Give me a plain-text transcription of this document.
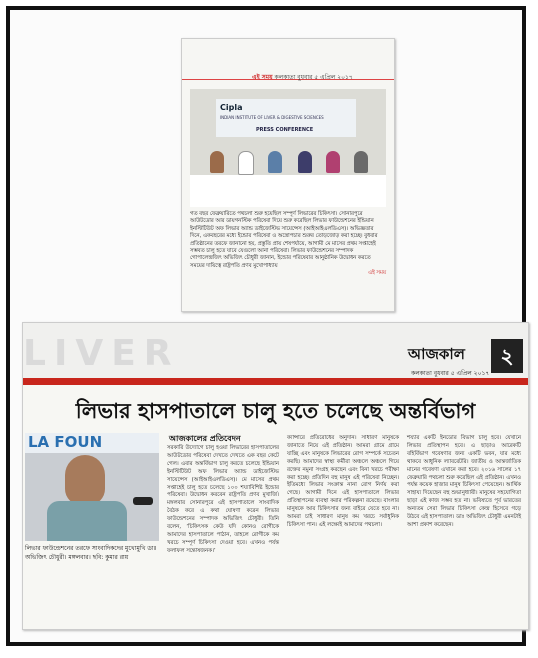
এই সময় কলকাতা বুধবার ৫ এপ্রিল ২০১৭
Cipla
INDIAN INSTITUTE OF LIVER & DIGESTIVE SCIENCES
PRESS CONFERENCE
গত বছর ফেব্রুয়ারিতে পথচলা শুরু হয়েছিল সম্পূর্ণ লিভারের চিকিৎসা। সোনারপুরে আউটডোর আর ডায়গনস্টিক পরিষেবা দিয়ে শুরু করেছিল লিভার ফাউন্ডেশনের ইন্ডিয়ান ইনস্টিটিউট অফ লিভার অ্যান্ড ডাইজেস্টিভ সায়েন্সেস (আইআইএলডিএস)। অভিজ্ঞতার দিনে, একবছরের মধ্যে ইন্ডোর পরিষেবা ও অস্ত্রোপচার শুরুর তোড়জোড় করা হচ্ছে। বুধবার প্রতিষ্ঠানের তরফে জানানো হয়, প্রস্তুতি প্রায় শেষপর্যায়ে, আগামী মে মাসের প্রথম সপ্তাহেই সম্ভবত চালু হতে যাবে যেগুলো আনা পরিষেবা। লিভার ফাউন্ডেশনের সম্পাদক গোপালেন্দ্রজিৎ অভিজিৎ চৌধুরী জানান, ইন্ডোর পরিষেবার আনুষ্ঠানিক উদ্বোধন করতে সময়ের দায়িত্বে রাষ্ট্রপতি প্রণব মুখোপাধ্যায়
এই সময়
LIVER	আজকাল
কলকাতা বুধবার ৫ এপ্রিল ২০১৭
২
লিভার হাসপাতালে চালু হতে চলেছে অন্তর্বিভাগ
LA FOUN
লিভার ফাউন্ডেশনের তরফে সাংবাদিকদের মুখোমুখি ডাঃ অভিজিৎ চৌধুরী। মঙ্গলবার। ছবি: কুমার রায়
আজকালের প্রতিবেদন
সরকারি উদ্যোগে চালু হওয়া লিভারের হাসপাতালের আউটডোর পরিষেবা দেখতে দেখতে এক বছর কেটে গেল। এবার অন্তর্বিভাগ চালু করতে চলেছে ইন্ডিয়ান ইনস্টিটিউট অফ লিভার অ্যান্ড ডাইজেস্টিভ সায়েন্সেস (আইআইএলডিএস)। মে মাসের প্রথম সপ্তাহেই চালু হতে চলেছে ১০০ শয্যাবিশিষ্ট ইন্ডোর পরিষেবা। উদ্বোধন করবেন রাষ্ট্রপতি প্রণব মুখার্জি। মঙ্গলবার সোনারপুরে এই হাসপাতালে সাংবাদিক বৈঠক করে এ কথা ঘোষণা করেন লিভার ফাউন্ডেশনের সম্পাদক অভিজিৎ চৌধুরী। তিনি বলেন, ‘চিকিৎসক কেউ যদি কোনও রোগীকে আমাদের হাসপাতালে পাঠান, তাহলে রোগীকে কম খরচে সম্পূর্ণ চিকিৎসা দেওয়া হবে। এখনও পর্যন্ত ফলাফল সন্তোষজনক।’
ক্যান্সারে প্রতিরোধের অনুদান। সাধারণ মানুষকে জানাতে নিয়ে এই প্রতিষ্ঠান। আমরা গ্রামে গ্রামে যাচ্ছি এবং মানুষকে লিভারের রোগ সম্পর্কে সচেতন করছি। আমাদের স্বাস্থ্য কর্মীরা অঞ্চলে অঞ্চলে গিয়ে রক্তের নমুনা সংগ্রহ করছেন এবং বিনা খরচে পরীক্ষা করা হচ্ছে। প্রতিদিন বহু মানুষ এই পরিষেবা নিচ্ছেন। ইতিমধ্যে লিভার সংক্রান্ত নানা রোগ নির্ণয় করা গেছে। আগামী দিনে এই হাসপাতালে লিভার প্রতিস্থাপনের ব্যবস্থা করার পরিকল্পনা রয়েছে। বাংলার মানুষকে আর চিকিৎসার জন্য বাইরে যেতে হবে না। আমরা চাই সাধারণ মানুষ কম খরচে সর্বাধুনিক চিকিৎসা পান। এই লক্ষ্যেই আমাদের পথচলা।
শয্যার একটি ইনডোর বিভাগ চালু হবে। যেখানে লিভার প্রতিস্থাপন হবে। এ ছাড়াও আরেকটি বহির্বিভাগ গবেষণার জন্য একটি ভবন, যার মধ্যে থাকবে আধুনিক ল্যাবরেটরি। জাতীয় ও আন্তর্জাতিক মানের গবেষণা এখানে করা হবে। ২০১৬ সালের ১৭ ফেব্রুয়ারি পথচলা শুরু করেছিল এই প্রতিষ্ঠান। এখনও পর্যন্ত কয়েক হাজার মানুষ চিকিৎসা পেয়েছেন। আর্থিক সাহায্য দিয়েছেন বহু শুভানুধ্যায়ী। মানুষের সহযোগিতা ছাড়া এই কাজ সম্ভব হত না। ভবিষ্যতে পূর্ব ভারতের অন্যতম সেরা লিভার চিকিৎসা কেন্দ্র হিসেবে গড়ে উঠবে এই হাসপাতাল। ডাঃ অভিজিৎ চৌধুরী এমনটাই আশা প্রকাশ করেছেন।
